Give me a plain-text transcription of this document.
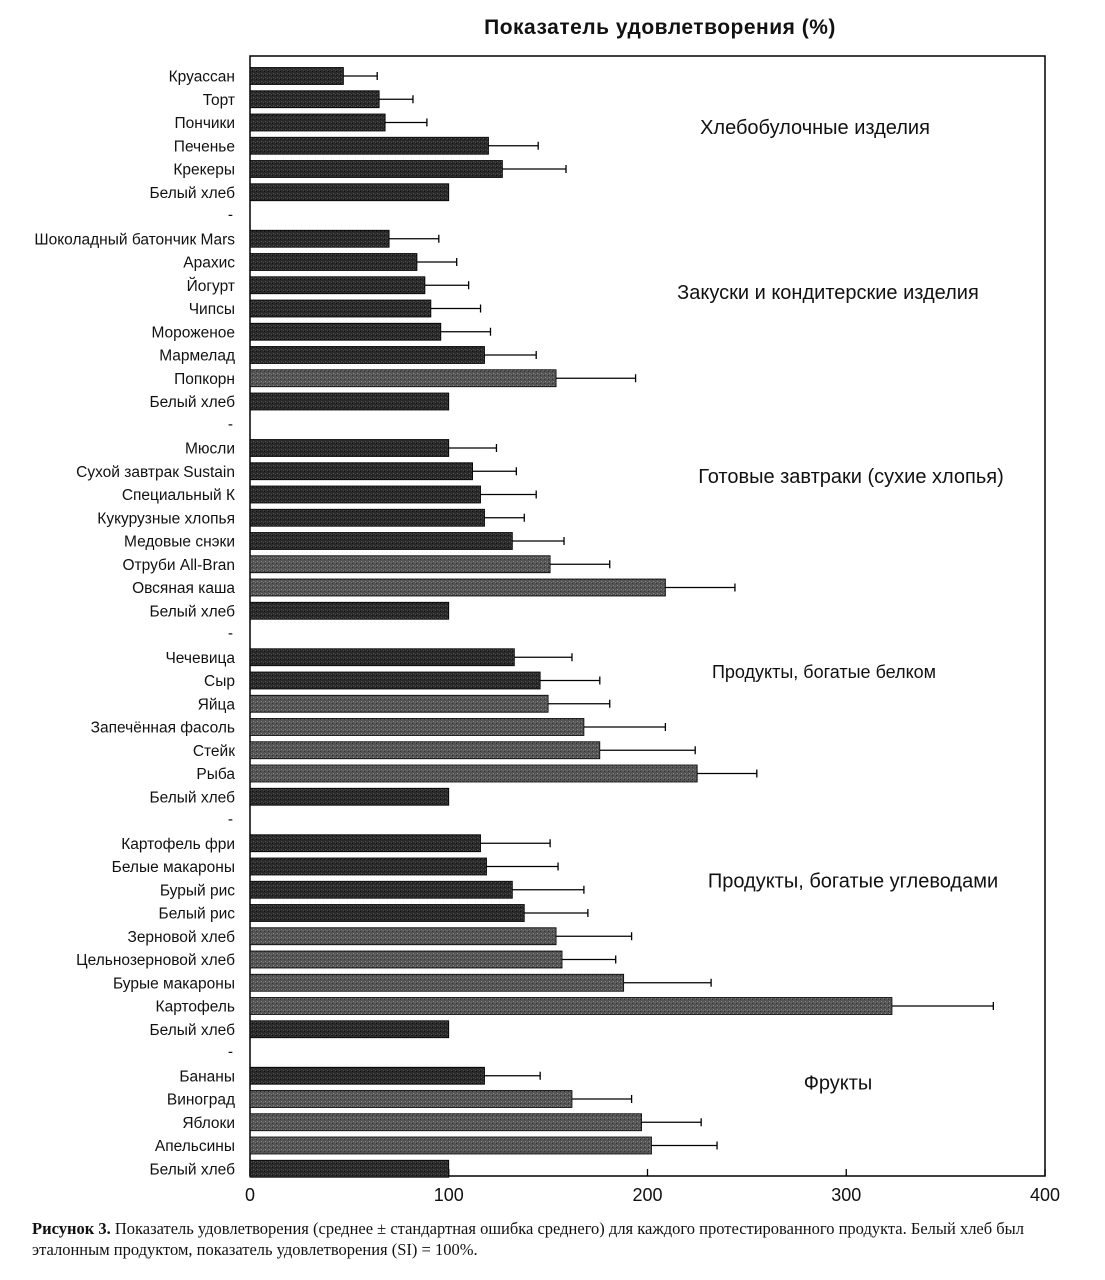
Показатель удовлетворения (%)
0	100	200	300	400
Круассан
Торт
Пончики
Печенье
Крекеры
Белый хлеб
Хлебобулочные изделия
-
Шоколадный батончик Mars
Арахис
Йогурт
Чипсы
Мороженое
Мармелад
Попкорн
Белый хлеб
Закуски и кондитерские изделия
-
Мюсли
Сухой завтрак Sustain
Специальный К
Кукурузные хлопья
Медовые снэки
Отруби All-Bran
Овсяная каша
Белый хлеб
Готовые завтраки (сухие хлопья)
-
Чечевица
Сыр
Яйца
Запечённая фасоль
Стейк
Рыба
Белый хлеб
Продукты, богатые белком
-
Картофель фри
Белые макароны
Бурый рис
Белый рис
Зерновой хлеб
Цельнозерновой хлеб
Бурые макароны
Картофель
Белый хлеб
Продукты, богатые углеводами
-
Бананы
Виноград
Яблоки
Апельсины
Белый хлеб
Фрукты
Рисунок 3. Показатель удовлетворения (среднее ± стандартная ошибка среднего) для каждого протестированного продукта. Белый хлеб был эталонным продуктом, показатель удовлетворения (SI) = 100%.
